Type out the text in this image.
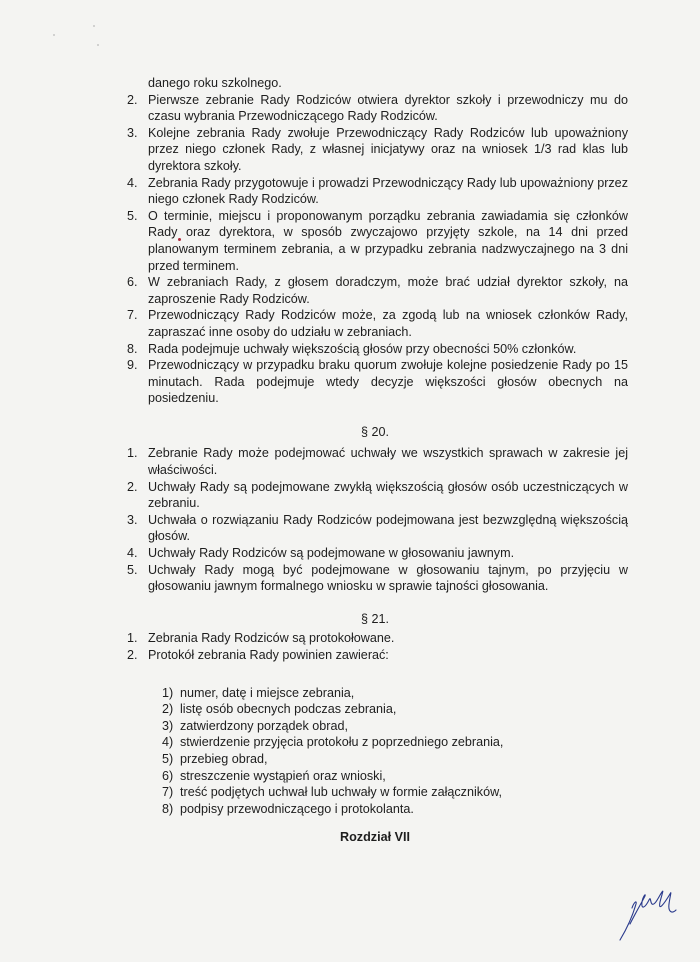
danego roku szkolnego.

2. Pierwsze zebranie Rady Rodziców otwiera dyrektor szkoły i przewodniczy mu do czasu wybrania Przewodniczącego Rady Rodziców.
3. Kolejne zebrania Rady zwołuje Przewodniczący Rady Rodziców lub upoważniony przez niego członek Rady, z własnej inicjatywy oraz na wniosek 1/3 rad klas lub dyrektora szkoły.
4. Zebrania Rady przygotowuje i prowadzi Przewodniczący Rady lub upoważniony przez niego członek Rady Rodziców.
5. O terminie, miejscu i proponowanym porządku zebrania zawiadamia się członków Rady oraz dyrektora, w sposób zwyczajowo przyjęty szkole, na 14 dni przed planowanym terminem zebrania, a w przypadku zebrania nadzwyczajnego na 3 dni przed terminem.
6. W zebraniach Rady, z głosem doradczym, może brać udział dyrektor szkoły, na zaproszenie Rady Rodziców.
7. Przewodniczący Rady Rodziców może, za zgodą lub na wniosek członków Rady, zapraszać inne osoby do udziału w zebraniach.
8. Rada podejmuje uchwały większością głosów przy obecności 50% członków.
9. Przewodniczący w przypadku braku quorum zwołuje kolejne posiedzenie Rady po 15 minutach. Rada podejmuje wtedy decyzje większości głosów obecnych na posiedzeniu.

§ 20.

1. Zebranie Rady może podejmować uchwały we wszystkich sprawach w zakresie jej właściwości.
2. Uchwały Rady są podejmowane zwykłą większością głosów osób uczestniczących w zebraniu.
3. Uchwała o rozwiązaniu Rady Rodziców podejmowana jest bezwzględną większością głosów.
4. Uchwały Rady Rodziców są podejmowane w głosowaniu jawnym.
5. Uchwały Rady mogą być podejmowane w głosowaniu tajnym, po przyjęciu w głosowaniu jawnym formalnego wniosku w sprawie tajności głosowania.

§ 21.

1. Zebrania Rady Rodziców są protokołowane.
2. Protokół zebrania Rady powinien zawierać:
1) numer, datę i miejsce zebrania,
2) listę osób obecnych podczas zebrania,
3) zatwierdzony porządek obrad,
4) stwierdzenie przyjęcia protokołu z poprzedniego zebrania,
5) przebieg obrad,
6) streszczenie wystąpień oraz wnioski,
7) treść podjętych uchwał lub uchwały w formie załączników,
8) podpisy przewodniczącego i protokolanta.

Rozdział VII
